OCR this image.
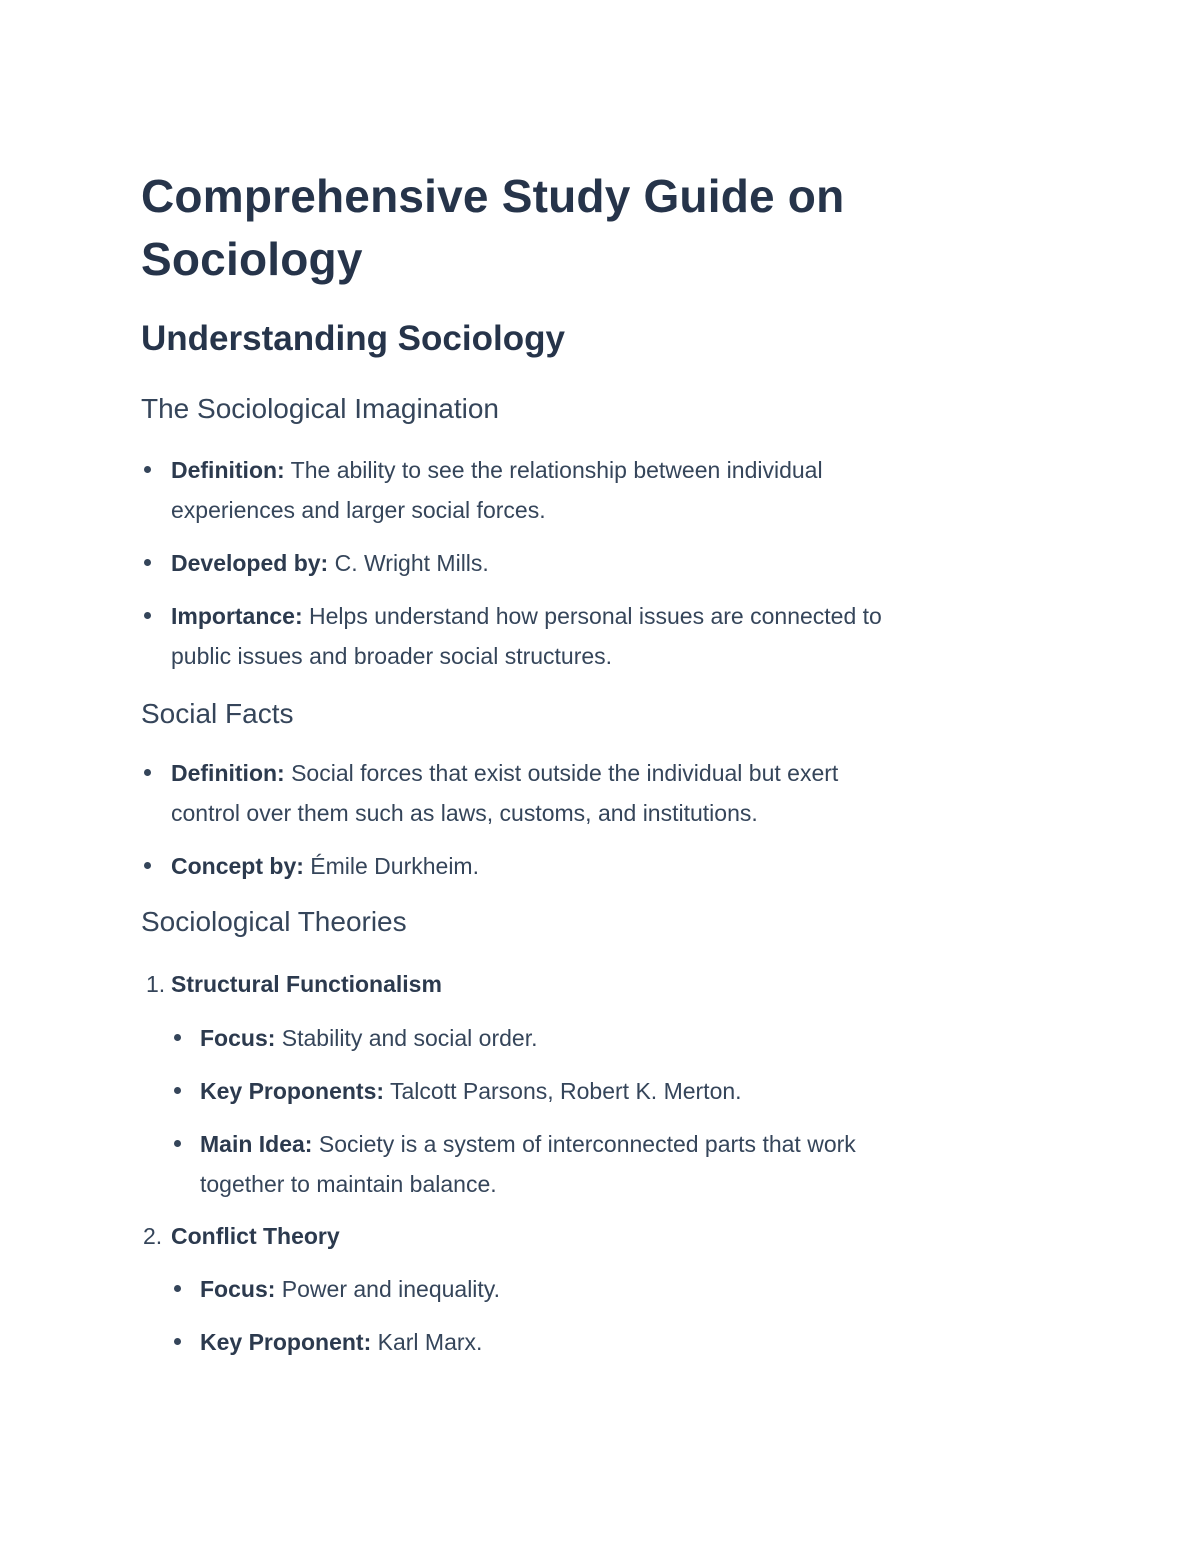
Comprehensive Study Guide on Sociology
Understanding Sociology
The Sociological Imagination
Definition: The ability to see the relationship between individual
experiences and larger social forces.
Developed by: C. Wright Mills.
Importance: Helps understand how personal issues are connected to
public issues and broader social structures.
Social Facts
Definition: Social forces that exist outside the individual but exert
control over them such as laws, customs, and institutions.
Concept by: Émile Durkheim.
Sociological Theories
1. Structural Functionalism
Focus: Stability and social order.
Key Proponents: Talcott Parsons, Robert K. Merton.
Main Idea: Society is a system of interconnected parts that work
together to maintain balance.
2. Conflict Theory
Focus: Power and inequality.
Key Proponent: Karl Marx.
